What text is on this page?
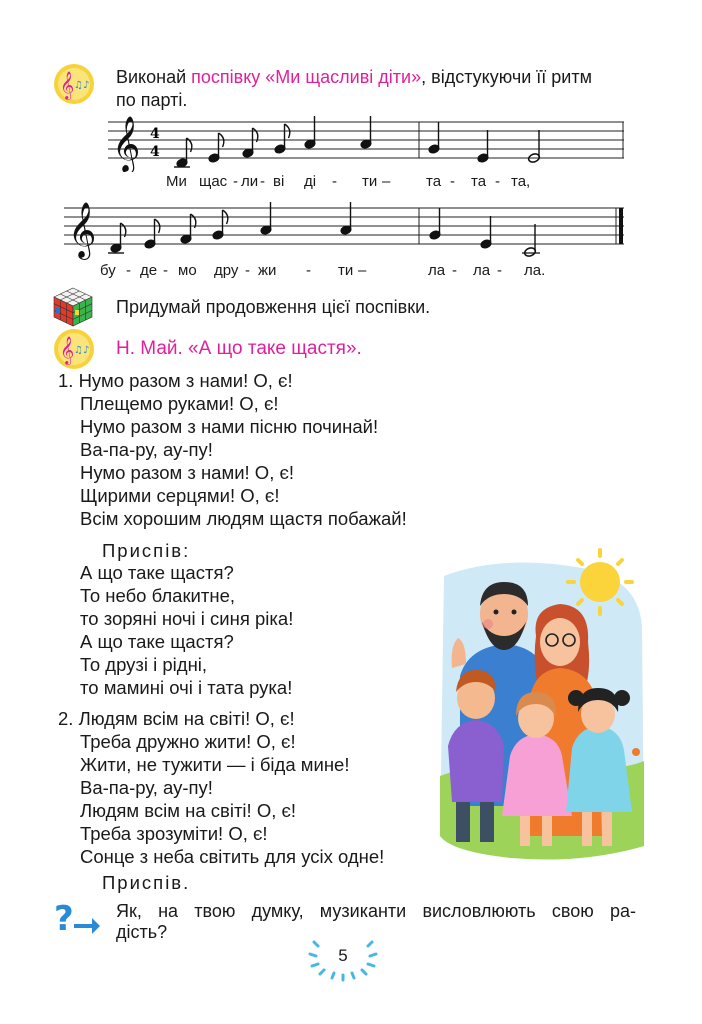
𝄞 ♫♪ Виконай поспівку «Ми щасливі діти», відстукуючи її ритм
по парті.
𝄞 4
4
Ми щас - ли - ві ді - ти – та - та - та,
𝄞
бу - де - мо дру - жи - ти –	ла - ла - ла.
Придумай продовження цієї поспівки.
𝄞 ♫♪ Н. Май. «А що таке щастя».
1. Нумо разом з нами! О, є!
Плещемо руками! О, є!
Нумо разом з нами пісню починай!
Ва-па-ру, ау-пу!
Нумо разом з нами! О, є!
Щирими серцями! О, є!
Всім хорошим людям щастя побажай!
Приспів:
А що таке щастя?
То небо блакитне,
то зоряні ночі і синя ріка!
А що таке щастя?
То друзі і рідні,
то мамині очі і тата рука!
2. Людям всім на світі! О, є!
Треба дружно жити! О, є!
Жити, не тужити — і біда мине!
Ва-па-ру, ау-пу!
Людям всім на світі! О, є!
Треба зрозуміти! О, є!
Сонце з неба світить для усіх одне!
Приспів.
? Як, на твою думку, музиканти висловлюють свою ра-
дість?
5
